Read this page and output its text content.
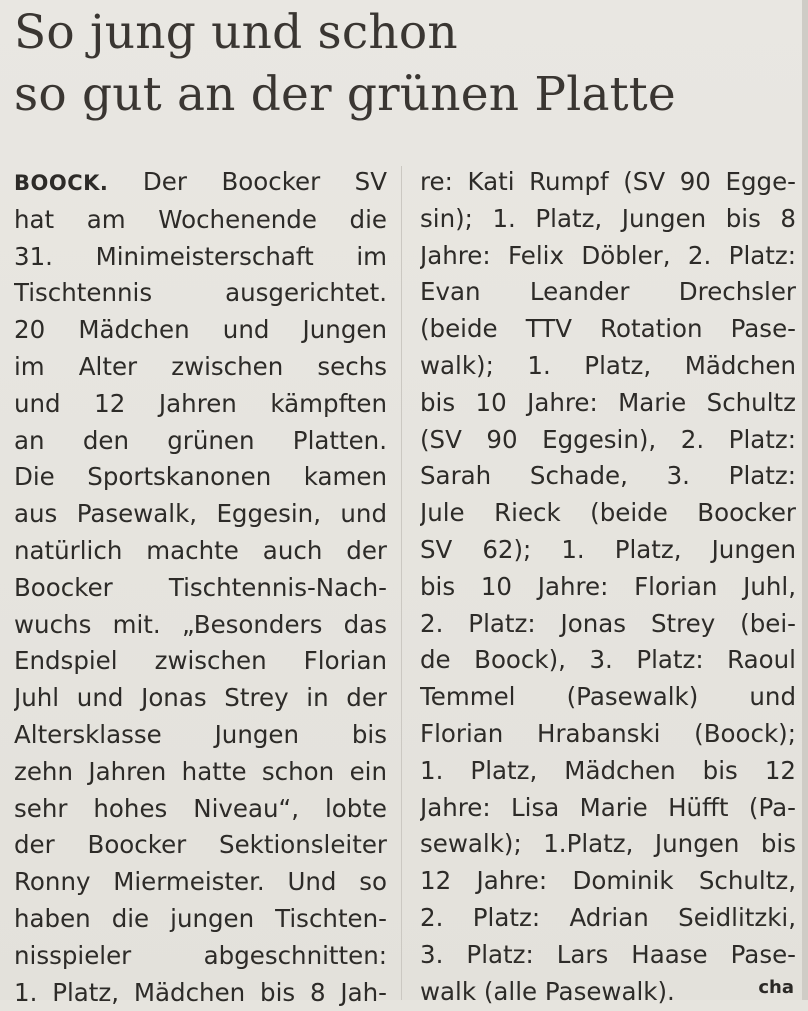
So jung und schon
so gut an der grünen Platte
BOOCK. Der Boocker SV
hat am Wochenende die
31. Minimeisterschaft im
Tischtennis ausgerichtet.
20 Mädchen und Jungen
im Alter zwischen sechs
und 12 Jahren kämpften
an den grünen Platten.
Die Sportskanonen kamen
aus Pasewalk, Eggesin, und
natürlich machte auch der
Boocker Tischtennis-Nach-
wuchs mit. „Besonders das
Endspiel zwischen Florian
Juhl und Jonas Strey in der
Altersklasse Jungen bis
zehn Jahren hatte schon ein
sehr hohes Niveau“, lobte
der Boocker Sektionsleiter
Ronny Miermeister. Und so
haben die jungen Tischten-
nisspieler abgeschnitten:
1. Platz, Mädchen bis 8 Jah-
re: Kati Rumpf (SV 90 Egge-
sin); 1. Platz, Jungen bis 8
Jahre: Felix Döbler, 2. Platz:
Evan Leander Drechsler
(beide TTV Rotation Pase-
walk); 1. Platz, Mädchen
bis 10 Jahre: Marie Schultz
(SV 90 Eggesin), 2. Platz:
Sarah Schade, 3. Platz:
Jule Rieck (beide Boocker
SV 62); 1. Platz, Jungen
bis 10 Jahre: Florian Juhl,
2. Platz: Jonas Strey (bei-
de Boock), 3. Platz: Raoul
Temmel (Pasewalk) und
Florian Hrabanski (Boock);
1. Platz, Mädchen bis 12
Jahre: Lisa Marie Hüfft (Pa-
sewalk); 1.Platz, Jungen bis
12 Jahre: Dominik Schultz,
2. Platz: Adrian Seidlitzki,
3. Platz: Lars Haase Pase-
walk (alle Pasewalk).	cha
